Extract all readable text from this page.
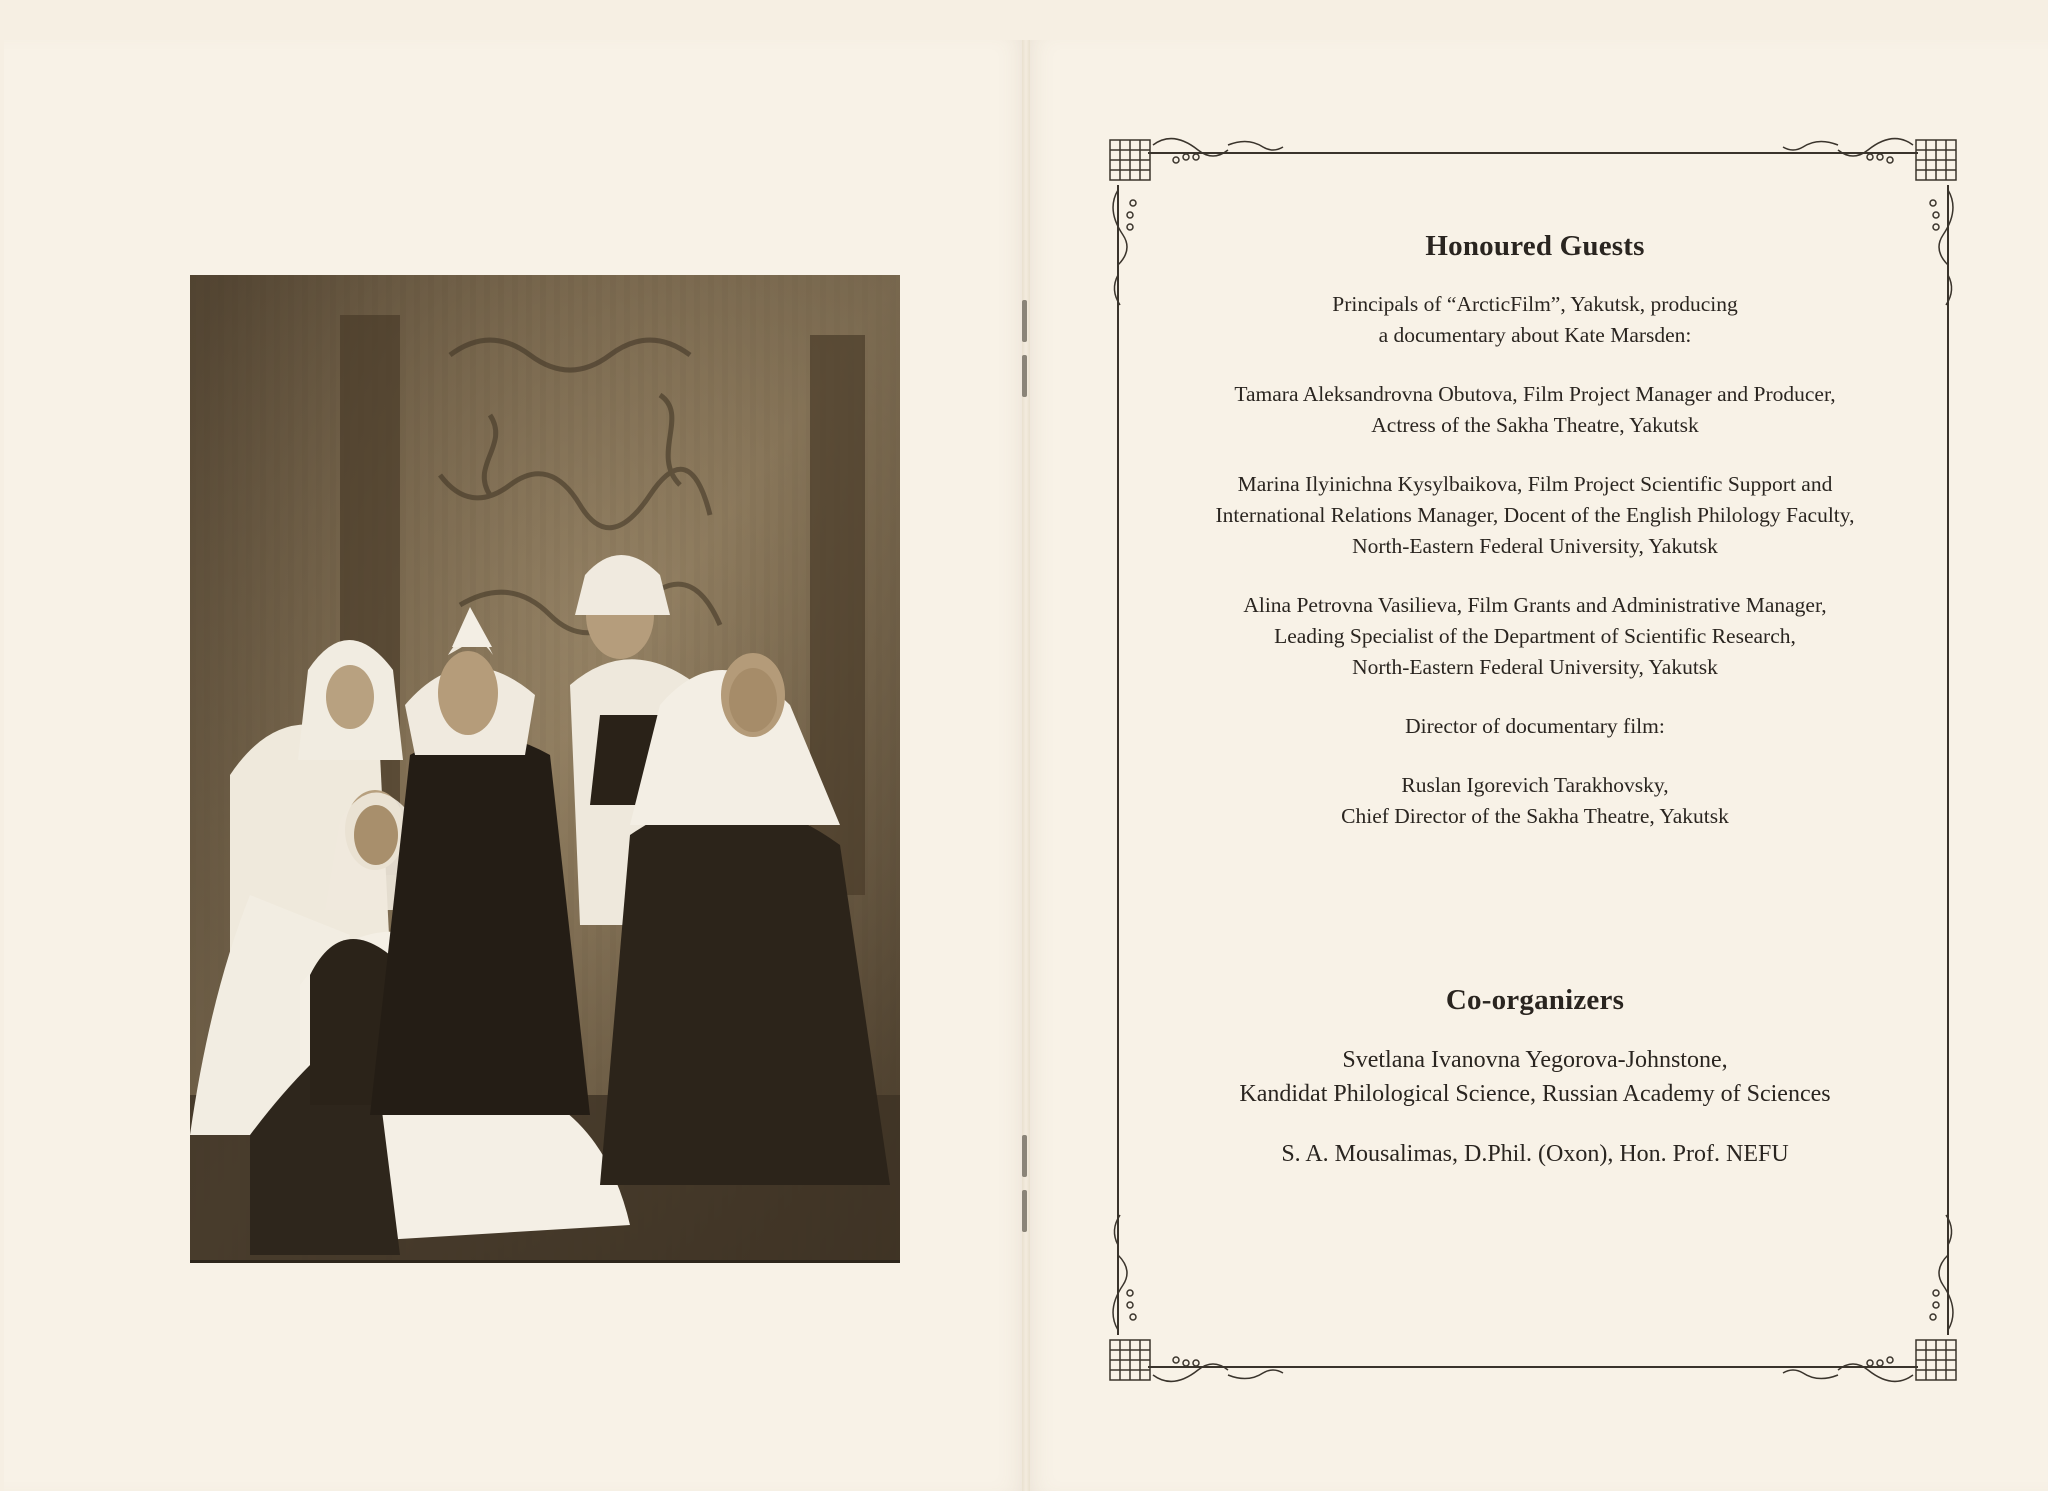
Honoured Guests

Principals of “ArcticFilm”, Yakutsk, producing
a documentary about Kate Marsden:

Tamara Aleksandrovna Obutova, Film Project Manager and Producer,
Actress of the Sakha Theatre, Yakutsk

Marina Ilyinichna Kysylbaikova, Film Project Scientific Support and
International Relations Manager, Docent of the English Philology Faculty,
North-Eastern Federal University, Yakutsk

Alina Petrovna Vasilieva, Film Grants and Administrative Manager,
Leading Specialist of the Department of Scientific Research,
North-Eastern Federal University, Yakutsk

Director of documentary film:

Ruslan Igorevich Tarakhovsky,
Chief Director of the Sakha Theatre, Yakutsk

Co-organizers

Svetlana Ivanovna Yegorova-Johnstone,
Kandidat Philological Science, Russian Academy of Sciences

S. A. Mousalimas, D.Phil. (Oxon), Hon. Prof. NEFU
